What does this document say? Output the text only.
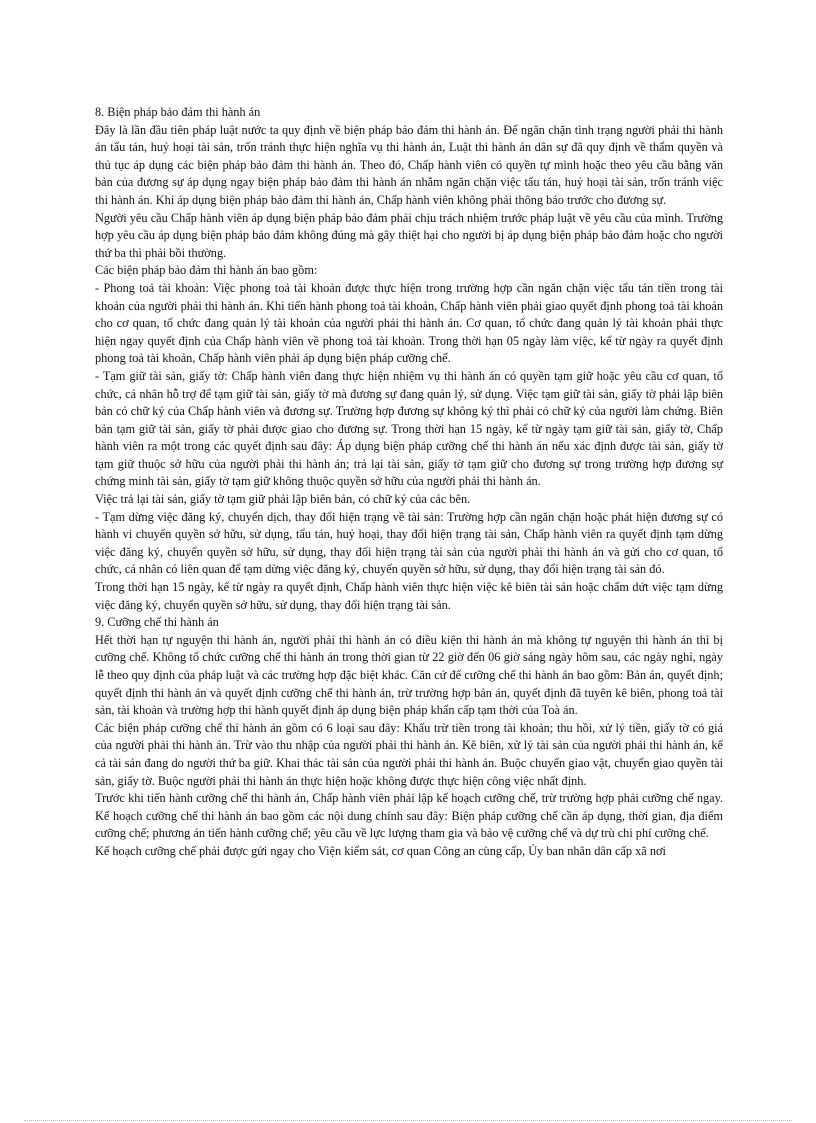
8. Biện pháp bảo đảm thi hành án

Đây là lần đầu tiên pháp luật nước ta quy định về biện pháp bảo đảm thi hành án. Để ngăn chặn tình trạng người phải thi hành án tẩu tán, huỷ hoại tài sản, trốn tránh thực hiện nghĩa vụ thi hành án, Luật thi hành án dân sự đã quy định về thẩm quyền và thủ tục áp dụng các biện pháp bảo đảm thi hành án. Theo đó, Chấp hành viên có quyền tự mình hoặc theo yêu cầu bằng văn bản của đương sự áp dụng ngay biện pháp bảo đảm thi hành án nhằm ngăn chặn việc tẩu tán, huỷ hoại tài sản, trốn tránh việc thi hành án. Khi áp dụng biện pháp bảo đảm thi hành án, Chấp hành viên không phải thông báo trước cho đương sự.

Người yêu cầu Chấp hành viên áp dụng biện pháp bảo đảm phải chịu trách nhiệm trước pháp luật về yêu cầu của mình. Trường hợp yêu cầu áp dụng biện pháp bảo đảm không đúng mà gây thiệt hại cho người bị áp dụng biện pháp bảo đảm hoặc cho người thứ ba thì phải bồi thường.

Các biện pháp bảo đảm thi hành án bao gồm:

- Phong toả tài khoản: Việc phong toả tài khoản được thực hiện trong trường hợp cần ngăn chặn việc tẩu tán tiền trong tài khoản của người phải thi hành án. Khi tiến hành phong toả tài khoản, Chấp hành viên phải giao quyết định phong toả tài khoản cho cơ quan, tổ chức đang quản lý tài khoản của người phải thi hành án. Cơ quan, tổ chức đang quản lý tài khoản phải thực hiện ngay quyết định của Chấp hành viên về phong toả tài khoản. Trong thời hạn 05 ngày làm việc, kể từ ngày ra quyết định phong toả tài khoản, Chấp hành viên phải áp dụng biện pháp cưỡng chế.

- Tạm giữ tài sản, giấy tờ: Chấp hành viên đang thực hiện nhiệm vụ thi hành án có quyền tạm giữ hoặc yêu cầu cơ quan, tổ chức, cá nhân hỗ trợ để tạm giữ tài sản, giấy tờ mà đương sự đang quản lý, sử dụng. Việc tạm giữ tài sản, giấy tờ phải lập biên bản có chữ ký của Chấp hành viên và đương sự. Trường hợp đương sự không ký thì phải có chữ ký của người làm chứng. Biên bản tạm giữ tài sản, giấy tờ phải được giao cho đương sự. Trong thời hạn 15 ngày, kể từ ngày tạm giữ tài sản, giấy tờ, Chấp hành viên ra một trong các quyết định sau đây: Áp dụng biện pháp cưỡng chế thi hành án nếu xác định được tài sản, giấy tờ tạm giữ thuộc sở hữu của người phải thi hành án; trả lại tài sản, giấy tờ tạm giữ cho đương sự trong trường hợp đương sự chứng minh tài sản, giấy tờ tạm giữ không thuộc quyền sở hữu của người phải thi hành án.

Việc trả lại tài sản, giấy tờ tạm giữ phải lập biên bản, có chữ ký của các bên.

- Tạm dừng việc đăng ký, chuyển dịch, thay đổi hiện trạng về tài sản: Trường hợp cần ngăn chặn hoặc phát hiện đương sự có hành vi chuyển quyền sở hữu, sử dụng, tẩu tán, huỷ hoại, thay đổi hiện trạng tài sản, Chấp hành viên ra quyết định tạm dừng việc đăng ký, chuyển quyền sở hữu, sử dụng, thay đổi hiện trạng tài sản của người phải thi hành án và gửi cho cơ quan, tổ chức, cá nhân có liên quan để tạm dừng việc đăng ký, chuyển quyền sở hữu, sử dụng, thay đổi hiện trạng tài sản đó.

Trong thời hạn 15 ngày, kể từ ngày ra quyết định, Chấp hành viên thực hiện việc kê biên tài sản hoặc chấm dứt việc tạm dừng việc đăng ký, chuyển quyền sở hữu, sử dụng, thay đổi hiện trạng tài sản.

9. Cưỡng chế thi hành án

Hết thời hạn tự nguyện thi hành án, người phải thi hành án có điều kiện thi hành án mà không tự nguyện thi hành án thì bị cưỡng chế. Không tổ chức cưỡng chế thi hành án trong thời gian từ 22 giờ đến 06 giờ sáng ngày hôm sau, các ngày nghỉ, ngày lễ theo quy định của pháp luật và các trường hợp đặc biệt khác. Căn cứ để cưỡng chế thi hành án bao gồm: Bản án, quyết định; quyết định thi hành án và quyết định cưỡng chế thi hành án, trừ trường hợp bản án, quyết định đã tuyên kê biên, phong toả tài sản, tài khoản và trường hợp thi hành quyết định áp dụng biện pháp khẩn cấp tạm thời của Toà án.

Các biện pháp cưỡng chế thi hành án gồm có 6 loại sau đây: Khấu trừ tiền trong tài khoản; thu hồi, xử lý tiền, giấy tờ có giá của người phải thi hành án. Trừ vào thu nhập của người phải thi hành án. Kê biên, xử lý tài sản của người phải thi hành án, kể cả tài sản đang do người thứ ba giữ. Khai thác tài sản của người phải thi hành án. Buộc chuyển giao vật, chuyển giao quyền tài sản, giấy tờ. Buộc người phải thi hành án thực hiện hoặc không được thực hiện công việc nhất định.

Trước khi tiến hành cưỡng chế thi hành án, Chấp hành viên phải lập kế hoạch cưỡng chế, trừ trường hợp phải cưỡng chế ngay. Kế hoạch cưỡng chế thi hành án bao gồm các nội dung chính sau đây: Biện pháp cưỡng chế cần áp dụng, thời gian, địa điểm cưỡng chế; phương án tiến hành cưỡng chế; yêu cầu về lực lượng tham gia và bảo vệ cưỡng chế và dự trù chi phí cưỡng chế.

Kế hoạch cưỡng chế phải được gửi ngay cho Viện kiểm sát, cơ quan Công an cùng cấp, Ủy ban nhân dân cấp xã nơi
